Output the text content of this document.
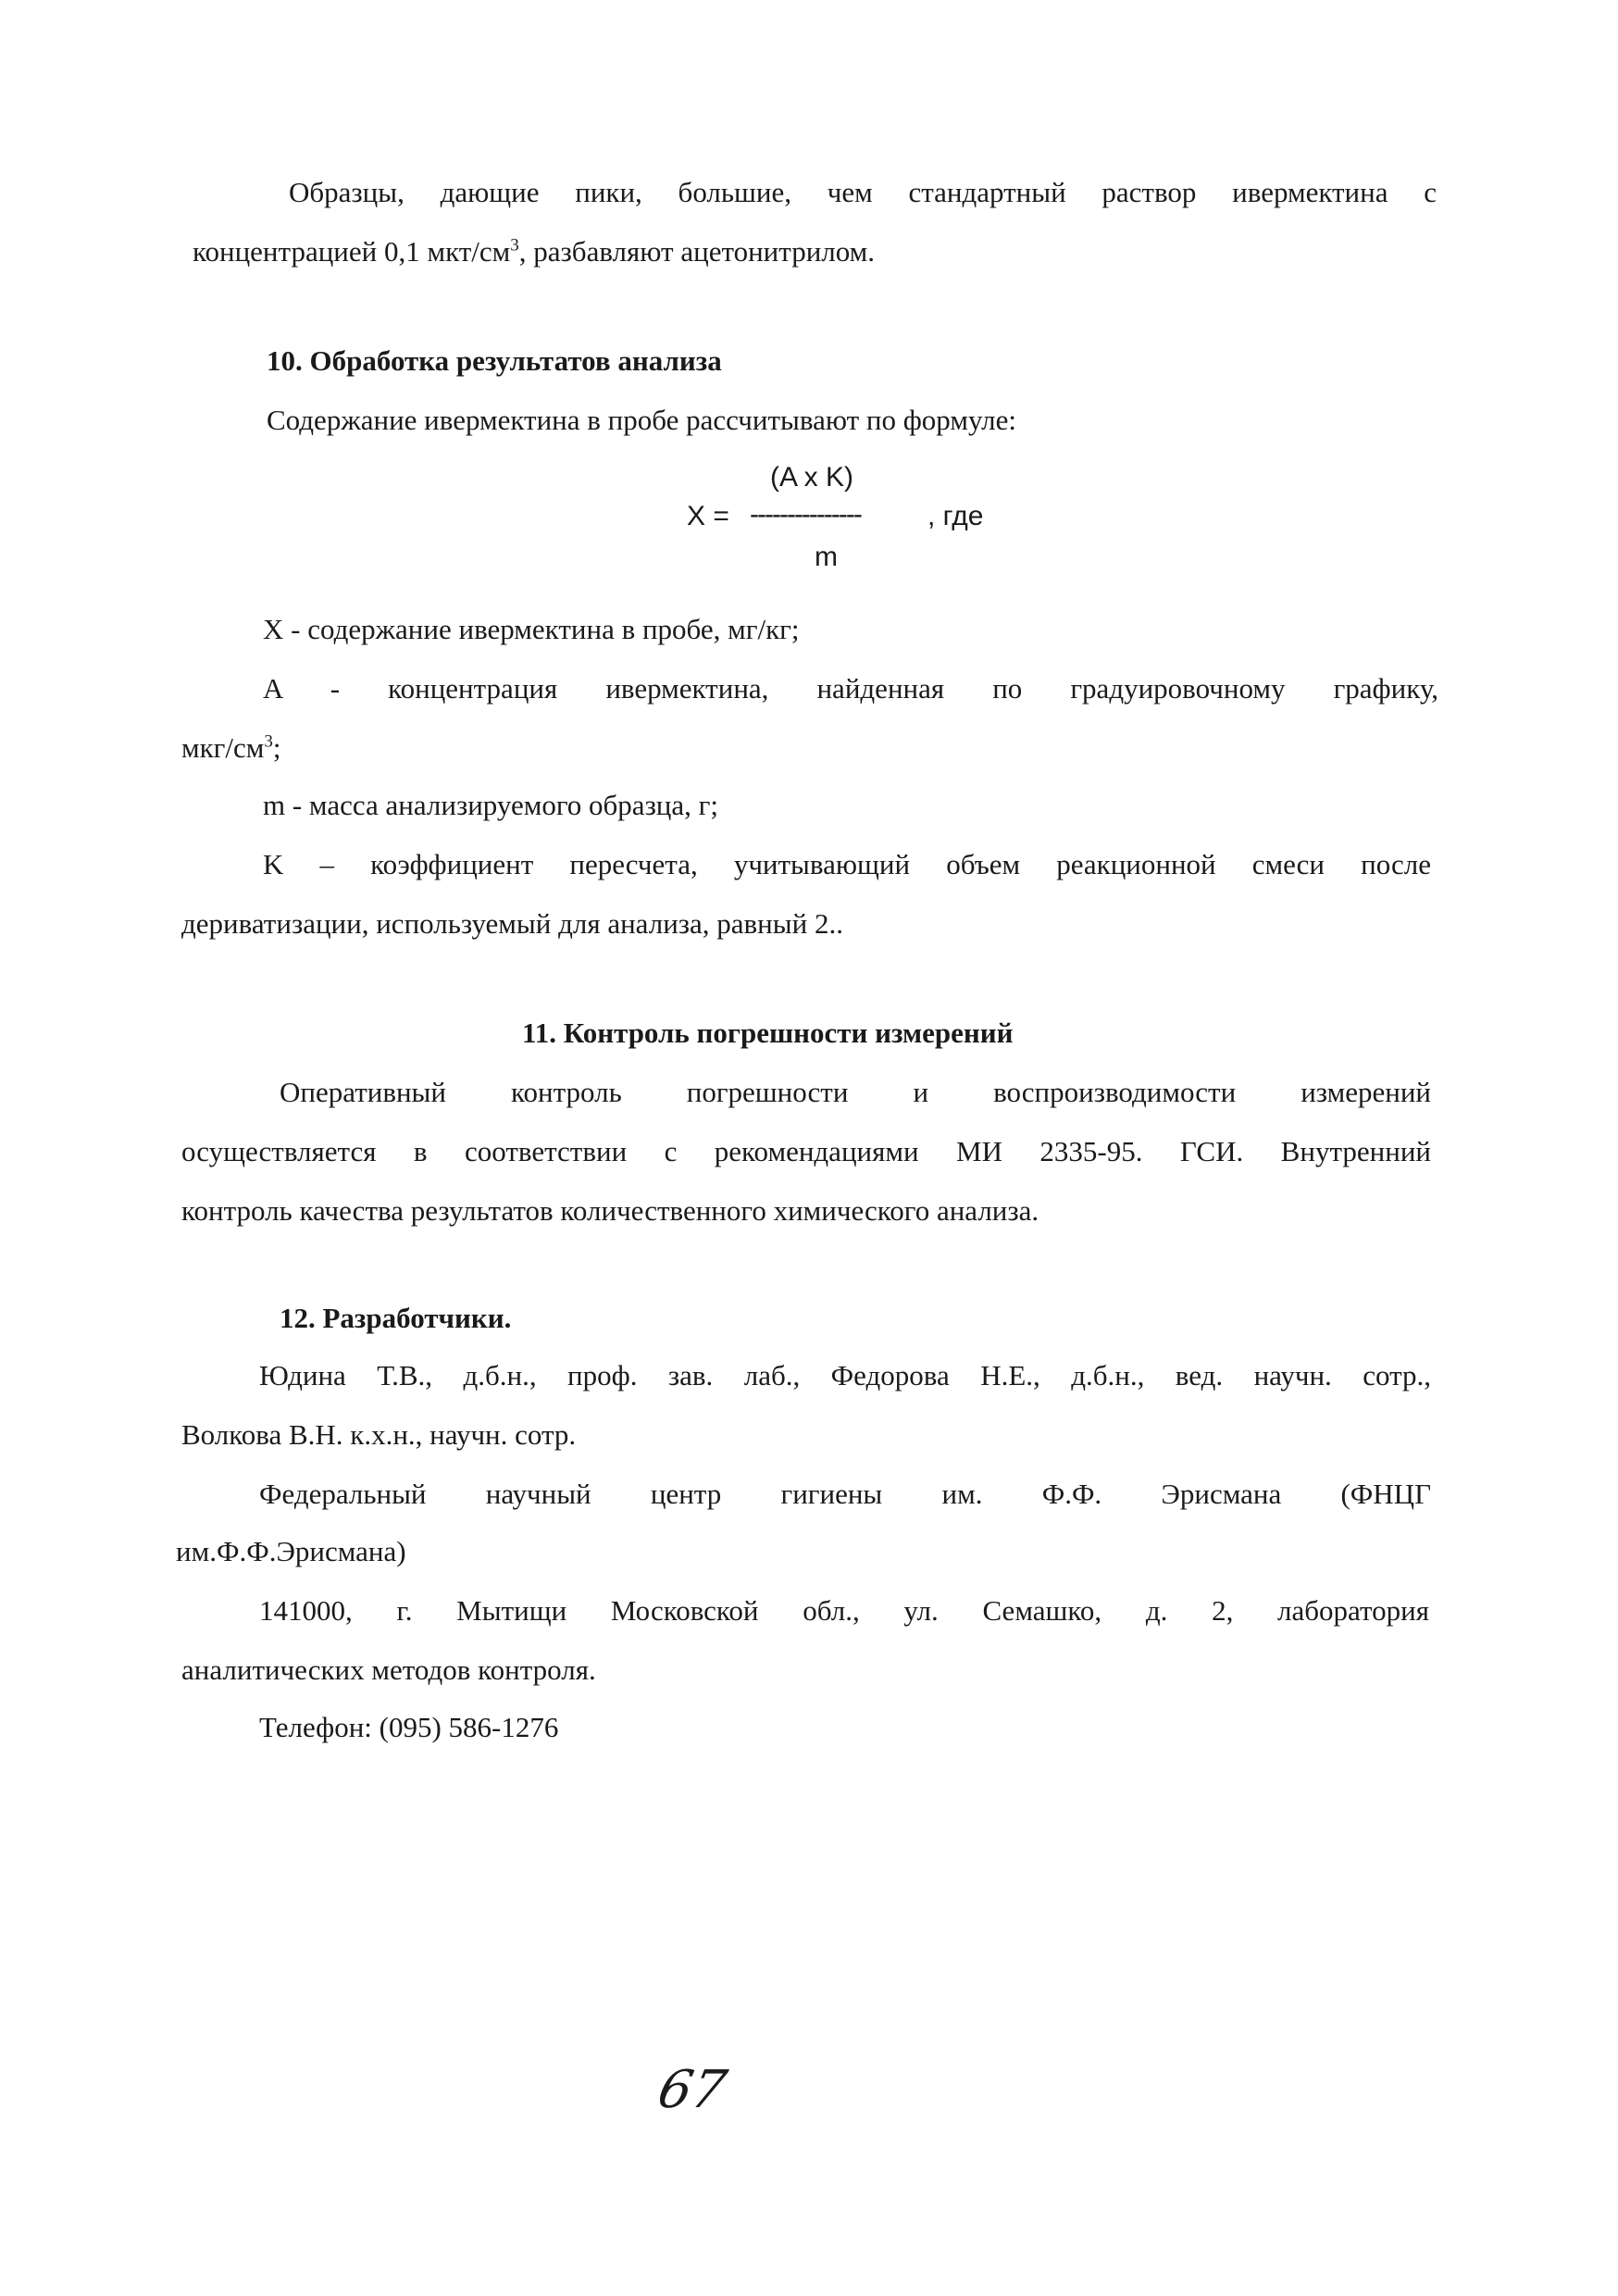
Образцы, дающие пики, большие, чем стандартный раствор ивермектина с
концентрацией 0,1 мкт/$см^3$, разбавляют ацетонитрилом.
10. Обработка результатов анализа
Содержание ивермектина в пробе рассчитывают по формуле:
(A x K)
X = --------------- , где
m
X - содержание ивермектина в пробе, мг/кг;
A - концентрация ивермектина, найденная по градуировочному графику,
мкг/$см^3$;
m - масса анализируемого образца, г;
K – коэффициент пересчета, учитывающий объем реакционной смеси после
дериватизации, используемый для анализа, равный 2..
11. Контроль погрешности измерений
Оперативный контроль погрешности и воспроизводимости измерений
осуществляется в соответствии с рекомендациями МИ 2335-95. ГСИ. Внутренний
контроль качества результатов количественного химического анализа.
12. Разработчики.
Юдина Т.В., д.б.н., проф. зав. лаб., Федорова Н.Е., д.б.н., вед. научн. сотр.,
Волкова В.Н. к.х.н., научн. сотр.
Федеральный научный центр гигиены им. Ф.Ф. Эрисмана (ФНЦГ
им.Ф.Ф.Эрисмана)
141000, г. Мытищи Московской обл., ул. Семашко, д. 2, лаборатория
аналитических методов контроля.
Телефон: (095) 586-1276
67
